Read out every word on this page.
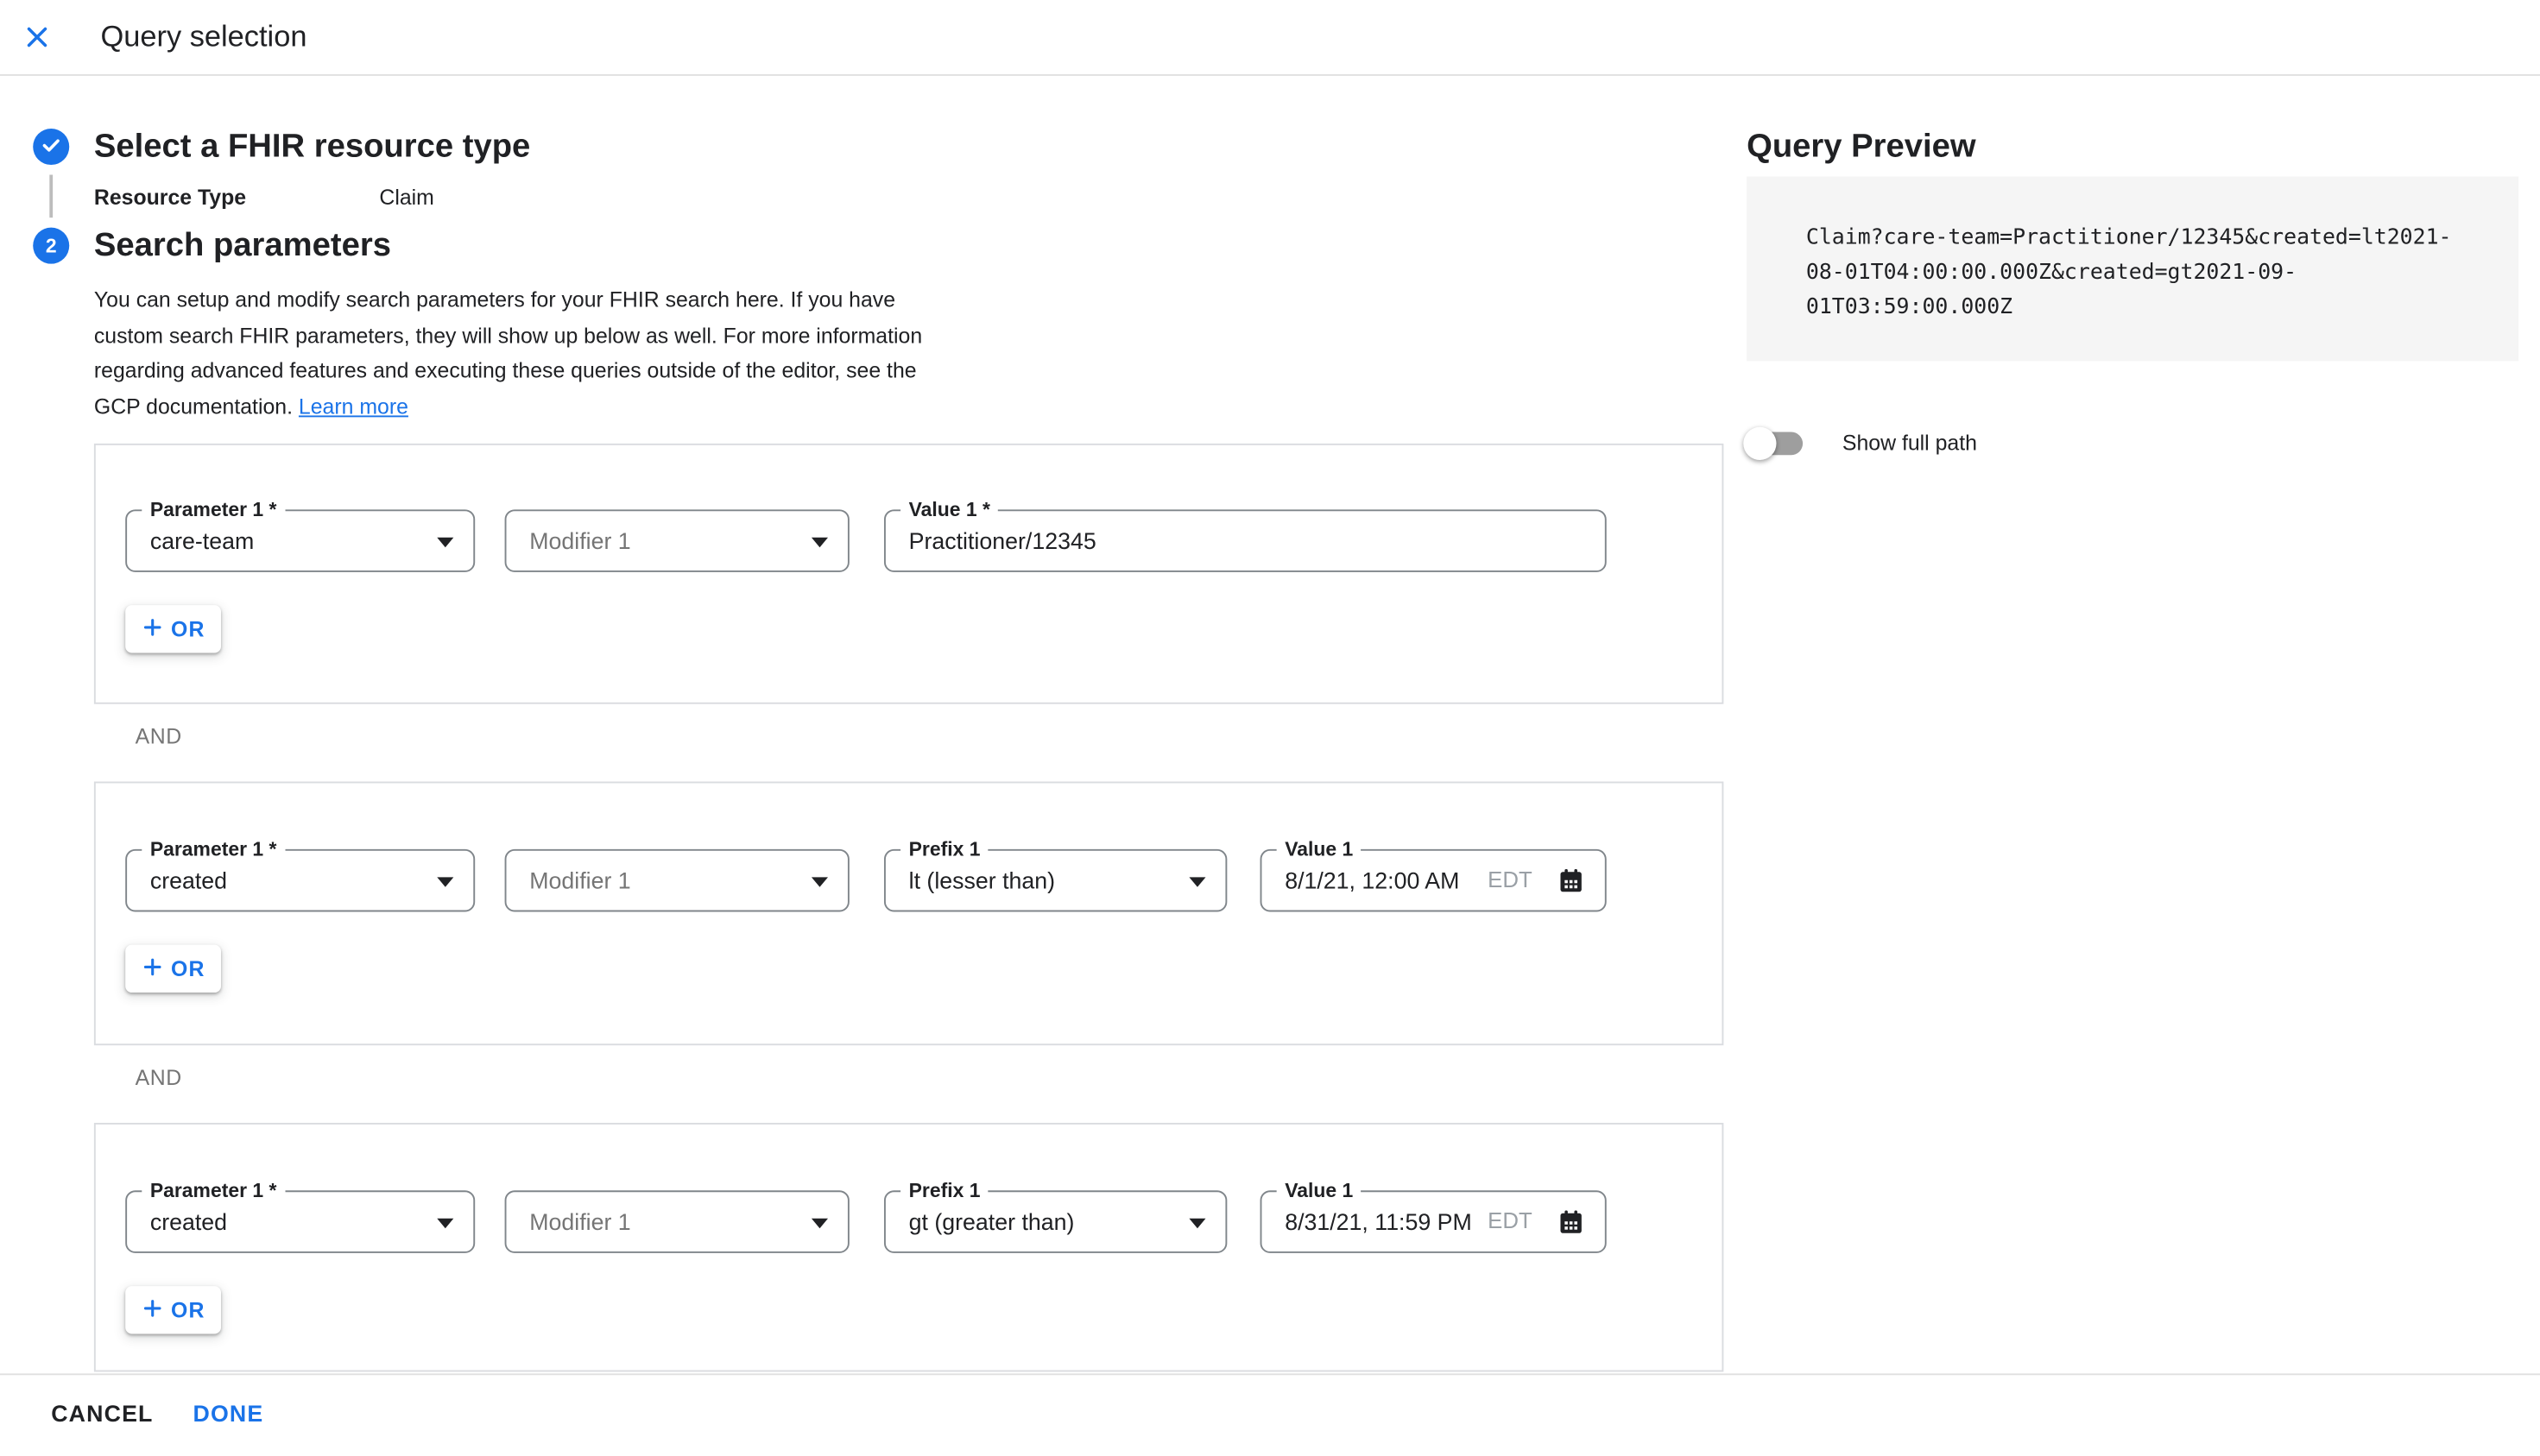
Query selection
Select a FHIR resource type
Resource Type	Claim
2 Search parameters
You can setup and modify search parameters for your FHIR search here. If you have
custom search FHIR parameters, they will show up below as well. For more information
regarding advanced features and executing these queries outside of the editor, see the
GCP documentation. Learn more
Parameter 1 *
care-team	Modifier 1
Value 1 *
Practitioner/12345
OR
AND
Parameter 1 *
created	Modifier 1
Prefix 1
lt (lesser than)
Value 1
8/1/21, 12:00 AM EDT
OR
AND
Parameter 1 *
created	Modifier 1
Prefix 1
gt (greater than)
Value 1
8/31/21, 11:59 PM EDT
OR
Query Preview
Claim?care-team=Practitioner/12345&created=lt2021-
08-01T04:00:00.000Z&created=gt2021-09-
01T03:59:00.000Z
Show full path
CANCEL	DONE
